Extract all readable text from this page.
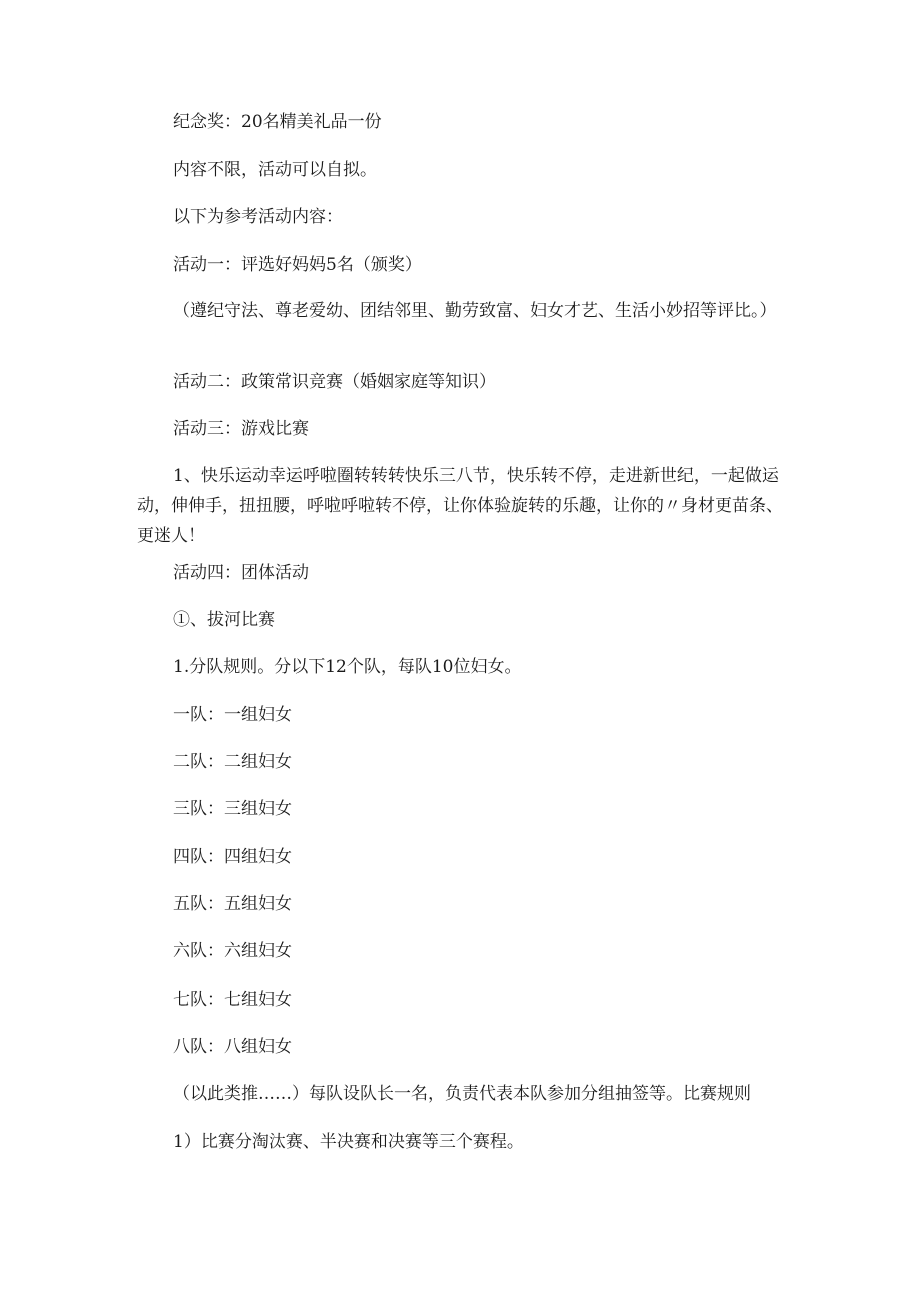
纪念奖：20名精美礼品一份
内容不限，活动可以自拟。
以下为参考活动内容：
活动一：评选好妈妈5名（颁奖）
（遵纪守法、尊老爱幼、团结邻里、勤劳致富、妇女才艺、生活小妙招等评比。）
活动二：政策常识竞赛（婚姻家庭等知识）
活动三：游戏比赛
1、快乐运动幸运呼啦圈转转转快乐三八节，快乐转不停，走进新世纪，一起做运动，伸伸手，扭扭腰，呼啦呼啦转不停，让你体验旋转的乐趣，让你的〃身材更苗条、更迷人！
活动四：团体活动
①、拔河比赛
1.分队规则。分以下12个队，每队10位妇女。
一队：一组妇女
二队：二组妇女
三队：三组妇女
四队：四组妇女
五队：五组妇女
六队：六组妇女
七队：七组妇女
八队：八组妇女
（以此类推……）每队设队长一名，负责代表本队参加分组抽签等。比赛规则
1）比赛分淘汰赛、半决赛和决赛等三个赛程。
